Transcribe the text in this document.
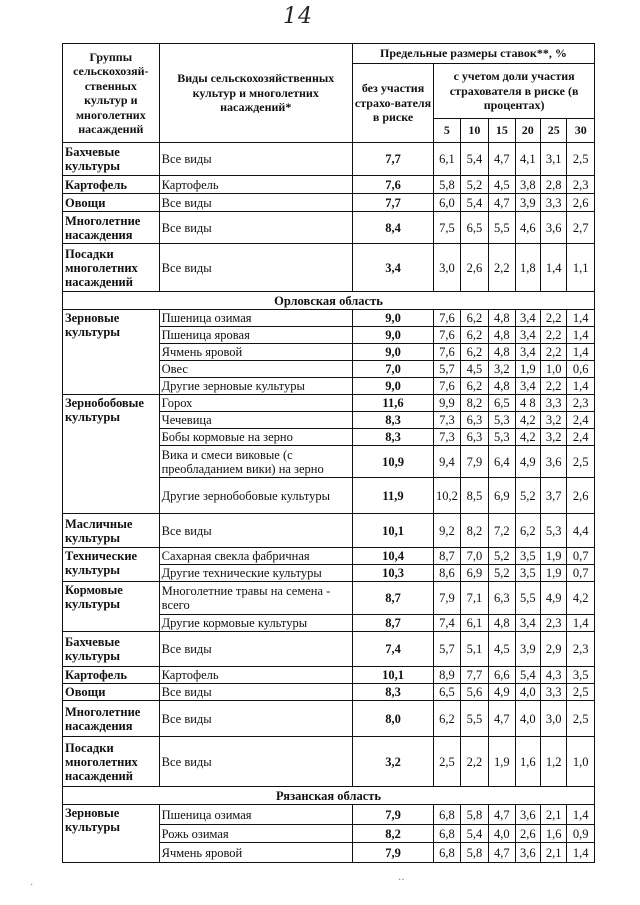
14
Группы сельскохозяй-ственных культур и многолетних насаждений	Виды сельскохозяйственных культур и многолетних насаждений*	Предельные размеры ставок**, %						
		без участия страхо-вателя в риске	с учетом доли участия страхователя в риске (в процентах)					
			5	10	15	20	25	30
Бахчевые культуры	Все виды	7,7	6,1	5,4	4,7	4,1	3,1	2,5
Картофель	Картофель	7,6	5,8	5,2	4,5	3,8	2,8	2,3
Овощи	Все виды	7,7	6,0	5,4	4,7	3,9	3,3	2,6
Многолетние насаждения	Все виды	8,4	7,5	6,5	5,5	4,6	3,6	2,7
Посадки многолетних насаждений	Все виды	3,4	3,0	2,6	2,2	1,8	1,4	1,1
Орловская область								
Зерновые культуры	Пшеница озимая	9,0	7,6	6,2	4,8	3,4	2,2	1,4
	Пшеница яровая	9,0	7,6	6,2	4,8	3,4	2,2	1,4
	Ячмень яровой	9,0	7,6	6,2	4,8	3,4	2,2	1,4
	Овес	7,0	5,7	4,5	3,2	1,9	1,0	0,6
	Другие зерновые культуры	9,0	7,6	6,2	4,8	3,4	2,2	1,4
Зернобобовые культуры	Горох	11,6	9,9	8,2	6,5	4 8	3,3	2,3
	Чечевица	8,3	7,3	6,3	5,3	4,2	3,2	2,4
	Бобы кормовые на зерно	8,3	7,3	6,3	5,3	4,2	3,2	2,4
	Вика и смеси виковые (с преобладанием вики) на зерно	10,9	9,4	7,9	6,4	4,9	3,6	2,5
	Другие зернобобовые культуры	11,9	10,2	8,5	6,9	5,2	3,7	2,6
Масличные культуры	Все виды	10,1	9,2	8,2	7,2	6,2	5,3	4,4
Технические культуры	Сахарная свекла фабричная	10,4	8,7	7,0	5,2	3,5	1,9	0,7
	Другие технические культуры	10,3	8,6	6,9	5,2	3,5	1,9	0,7
Кормовые культуры	Многолетние травы на семена - всего	8,7	7,9	7,1	6,3	5,5	4,9	4,2
	Другие кормовые культуры	8,7	7,4	6,1	4,8	3,4	2,3	1,4
Бахчевые культуры	Все виды	7,4	5,7	5,1	4,5	3,9	2,9	2,3
Картофель	Картофель	10,1	8,9	7,7	6,6	5,4	4,3	3,5
Овощи	Все виды	8,3	6,5	5,6	4,9	4,0	3,3	2,5
Многолетние насаждения	Все виды	8,0	6,2	5,5	4,7	4,0	3,0	2,5
Посадки многолетних насаждений	Все виды	3,2	2,5	2,2	1,9	1,6	1,2	1,0
Рязанская область								
Зерновые культуры	Пшеница озимая	7,9	6,8	5,8	4,7	3,6	2,1	1,4
	Рожь озимая	8,2	6,8	5,4	4,0	2,6	1,6	0,9
	Ячмень яровой	7,9	6,8	5,8	4,7	3,6	2,1	1,4
‥
·
